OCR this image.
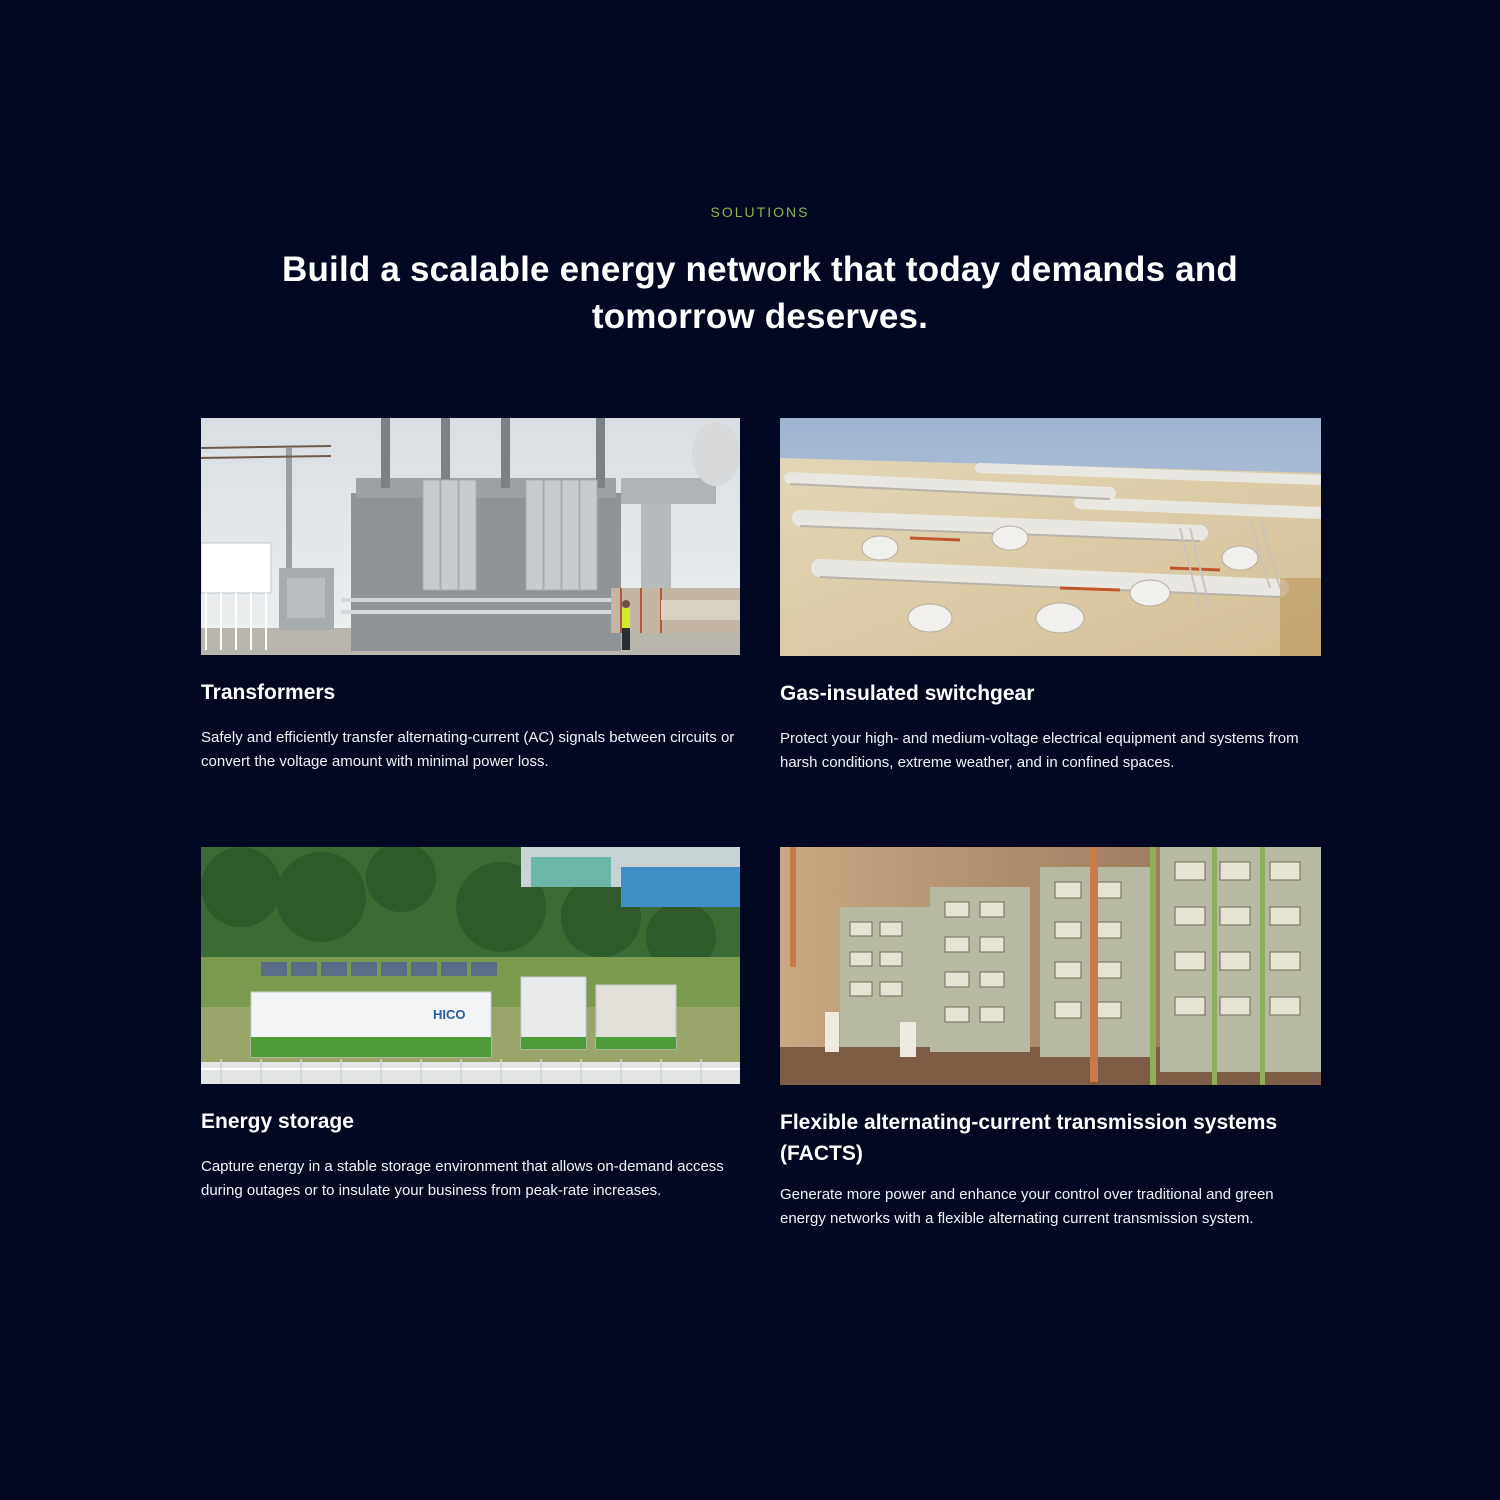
SOLUTIONS
Build a scalable energy network that today demands and tomorrow deserves.
Transformers

Safely and efficiently transfer alternating-current (AC) signals between circuits or convert the voltage amount with minimal power loss.

Gas-insulated switchgear

Protect your high- and medium-voltage electrical equipment and systems from harsh conditions, extreme weather, and in confined spaces.

HICO
Energy storage

Capture energy in a stable storage environment that allows on-demand access during outages or to insulate your business from peak-rate increases.

Flexible alternating-current transmission systems (FACTS)

Generate more power and enhance your control over traditional and green energy networks with a flexible alternating current transmission system.
